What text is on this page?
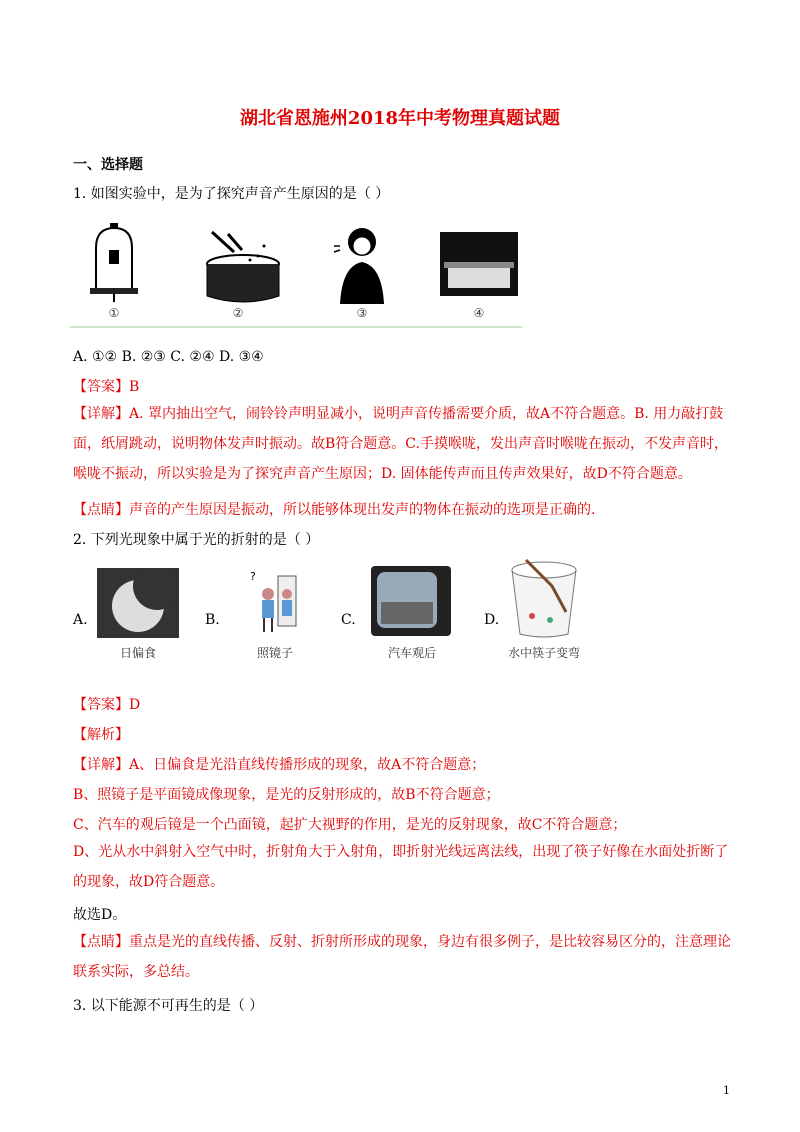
湖北省恩施州2018年中考物理真题试题
一、选择题
1. 如图实验中，是为了探究声音产生原因的是（ ）
①	②	③	④
A. ①② B. ②③ C. ②④ D. ③④
【答案】B
【详解】A. 罩内抽出空气，闹铃铃声明显减小，说明声音传播需要介质，故A不符合题意。B. 用力敲打鼓面，纸屑跳动，说明物体发声时振动。故B符合题意。C.手摸喉咙，发出声音时喉咙在振动，不发声音时，喉咙不振动，所以实验是为了探究声音产生原因；D. 固体能传声而且传声效果好，故D不符合题意。
【点睛】声音的产生原因是振动，所以能够体现出发声的物体在振动的选项是正确的.
2. 下列光现象中属于光的折射的是（ ）
A.
日偏食
B.
?
照镜子
C.
汽车观后
D.
水中筷子变弯
【答案】D
【解析】
【详解】A、日偏食是光沿直线传播形成的现象，故A不符合题意；
B、照镜子是平面镜成像现象，是光的反射形成的，故B不符合题意；
C、汽车的观后镜是一个凸面镜，起扩大视野的作用，是光的反射现象，故C不符合题意；
D、光从水中斜射入空气中时，折射角大于入射角，即折射光线远离法线，出现了筷子好像在水面处折断了的现象，故D符合题意。
故选D。
【点睛】重点是光的直线传播、反射、折射所形成的现象，身边有很多例子，是比较容易区分的，注意理论联系实际，多总结。
3. 以下能源不可再生的是（ ）
1
